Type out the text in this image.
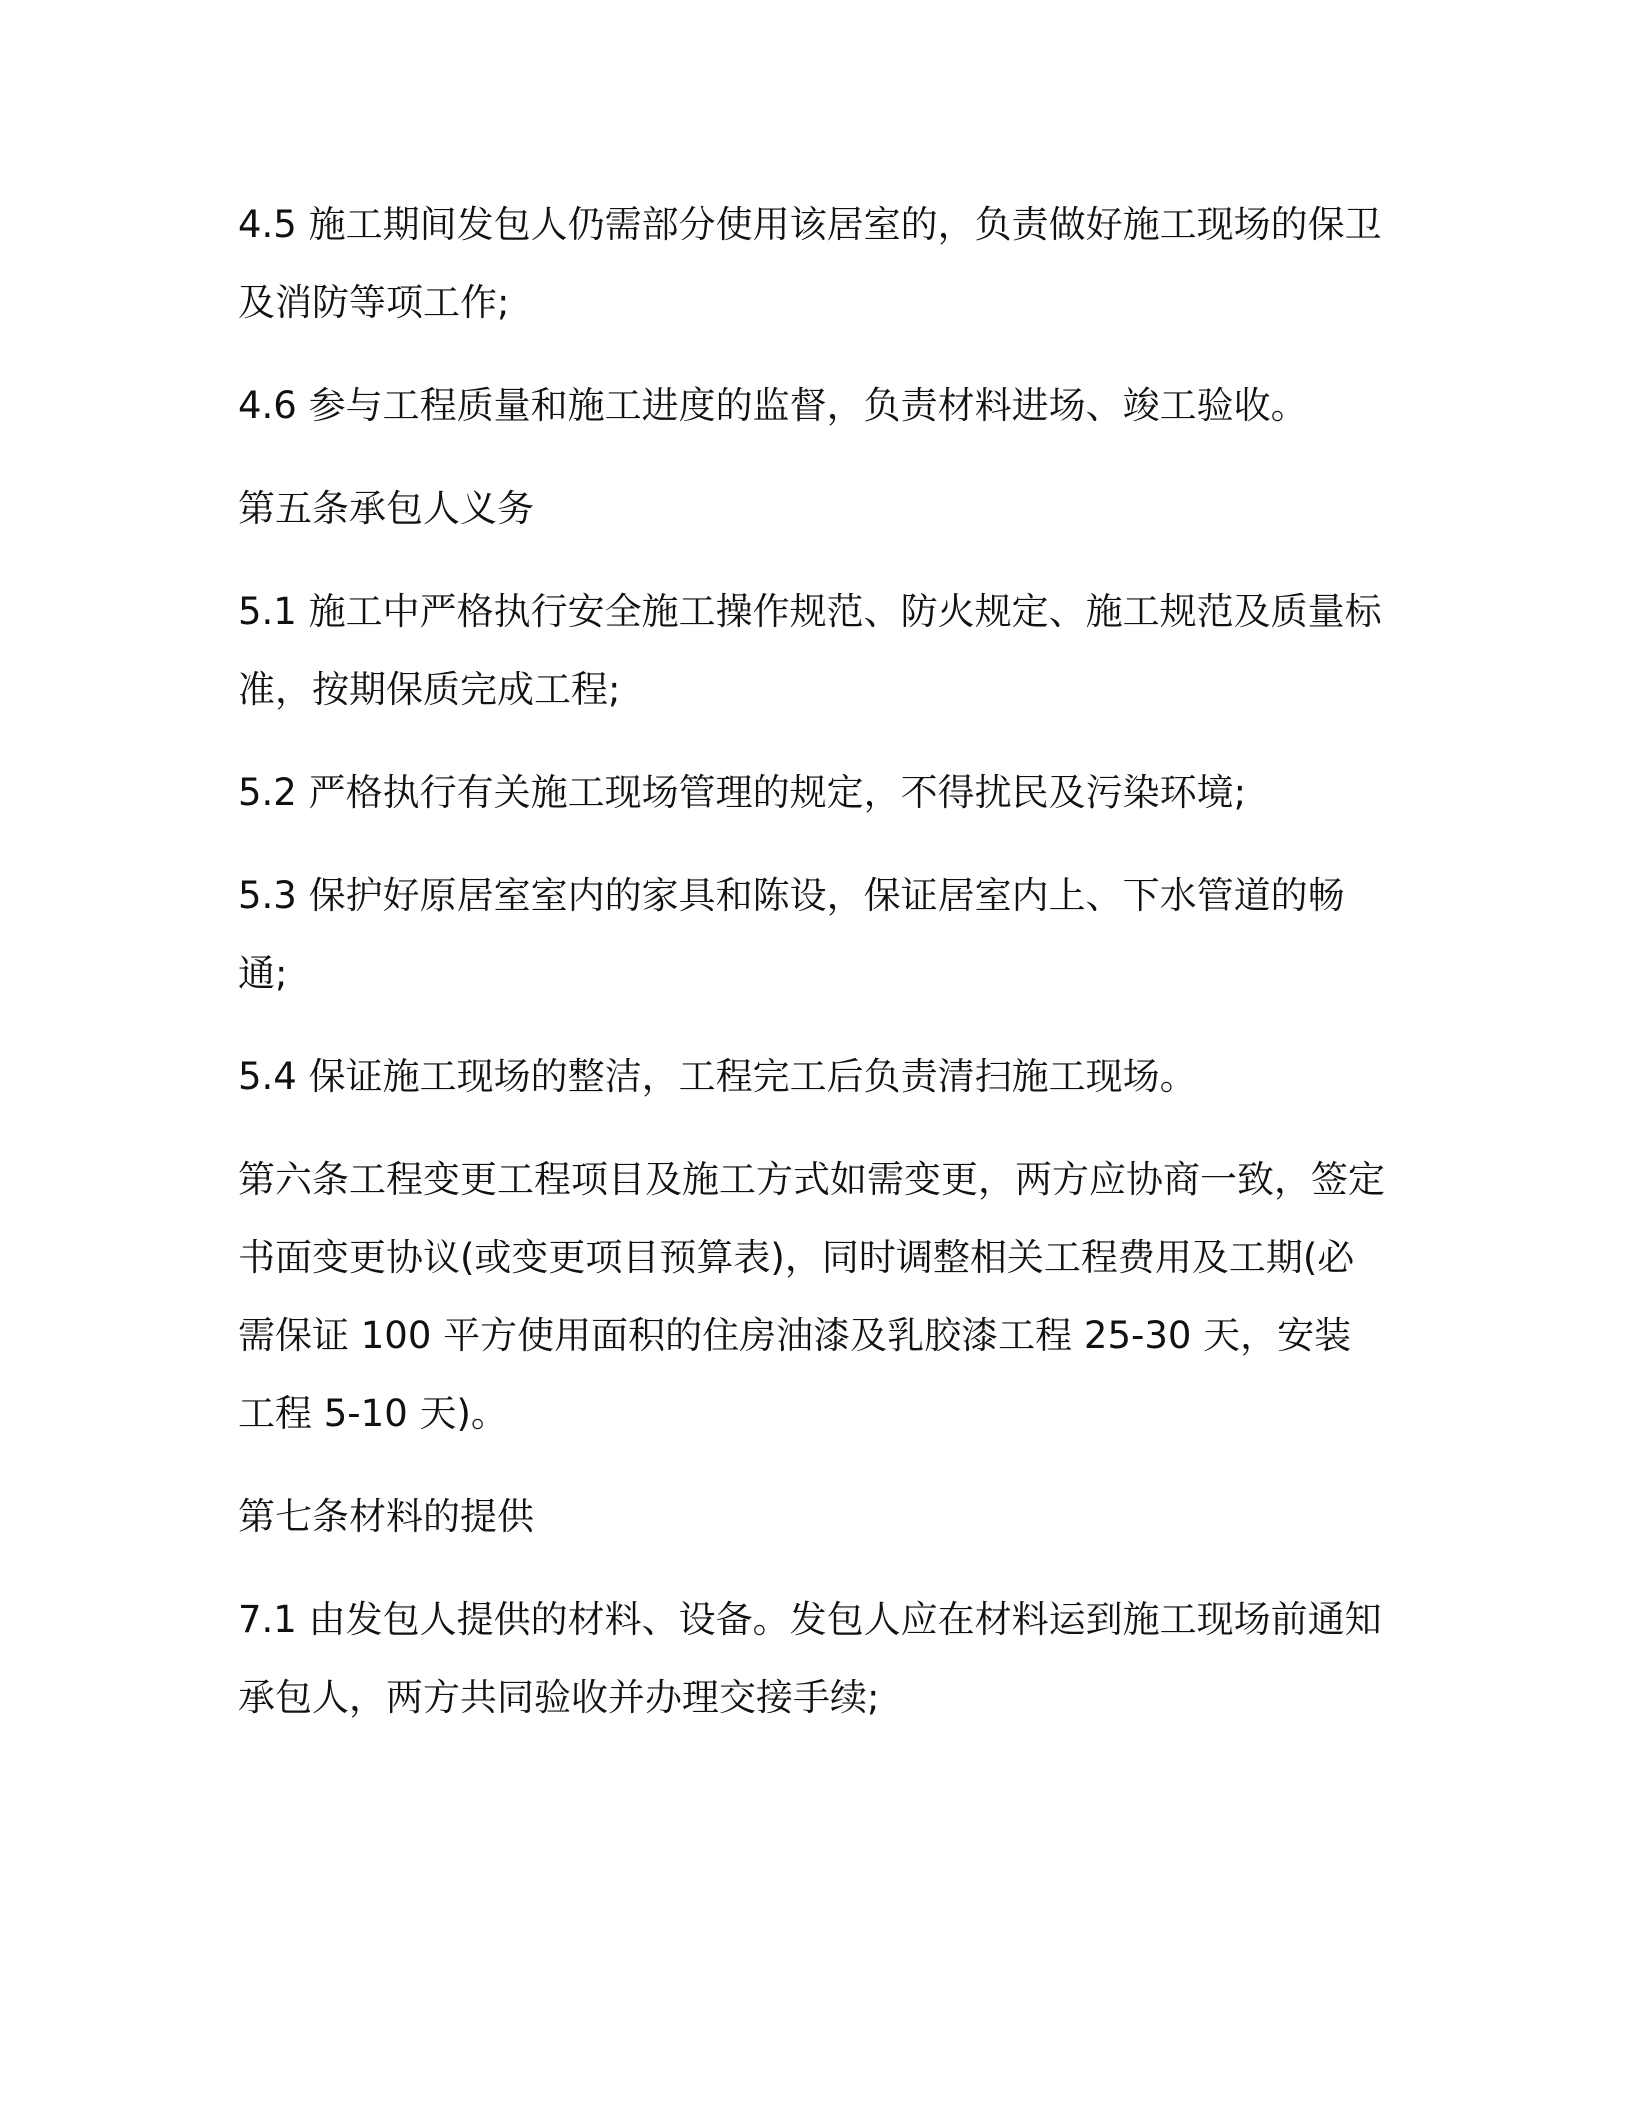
4.5 施工期间发包人仍需部分使用该居室的，负责做好施工现场的保卫及消防等项工作;

4.6 参与工程质量和施工进度的监督，负责材料进场、竣工验收。

第五条承包人义务

5.1 施工中严格执行安全施工操作规范、防火规定、施工规范及质量标准，按期保质完成工程;

5.2 严格执行有关施工现场管理的规定，不得扰民及污染环境;

5.3 保护好原居室室内的家具和陈设，保证居室内上、下水管道的畅通;

5.4 保证施工现场的整洁，工程完工后负责清扫施工现场。

第六条工程变更工程项目及施工方式如需变更，两方应协商一致，签定书面变更协议(或变更项目预算表)，同时调整相关工程费用及工期(必需保证 100 平方使用面积的住房油漆及乳胶漆工程 25-30 天，安装工程 5-10 天)。

第七条材料的提供

7.1 由发包人提供的材料、设备。发包人应在材料运到施工现场前通知承包人，两方共同验收并办理交接手续;
